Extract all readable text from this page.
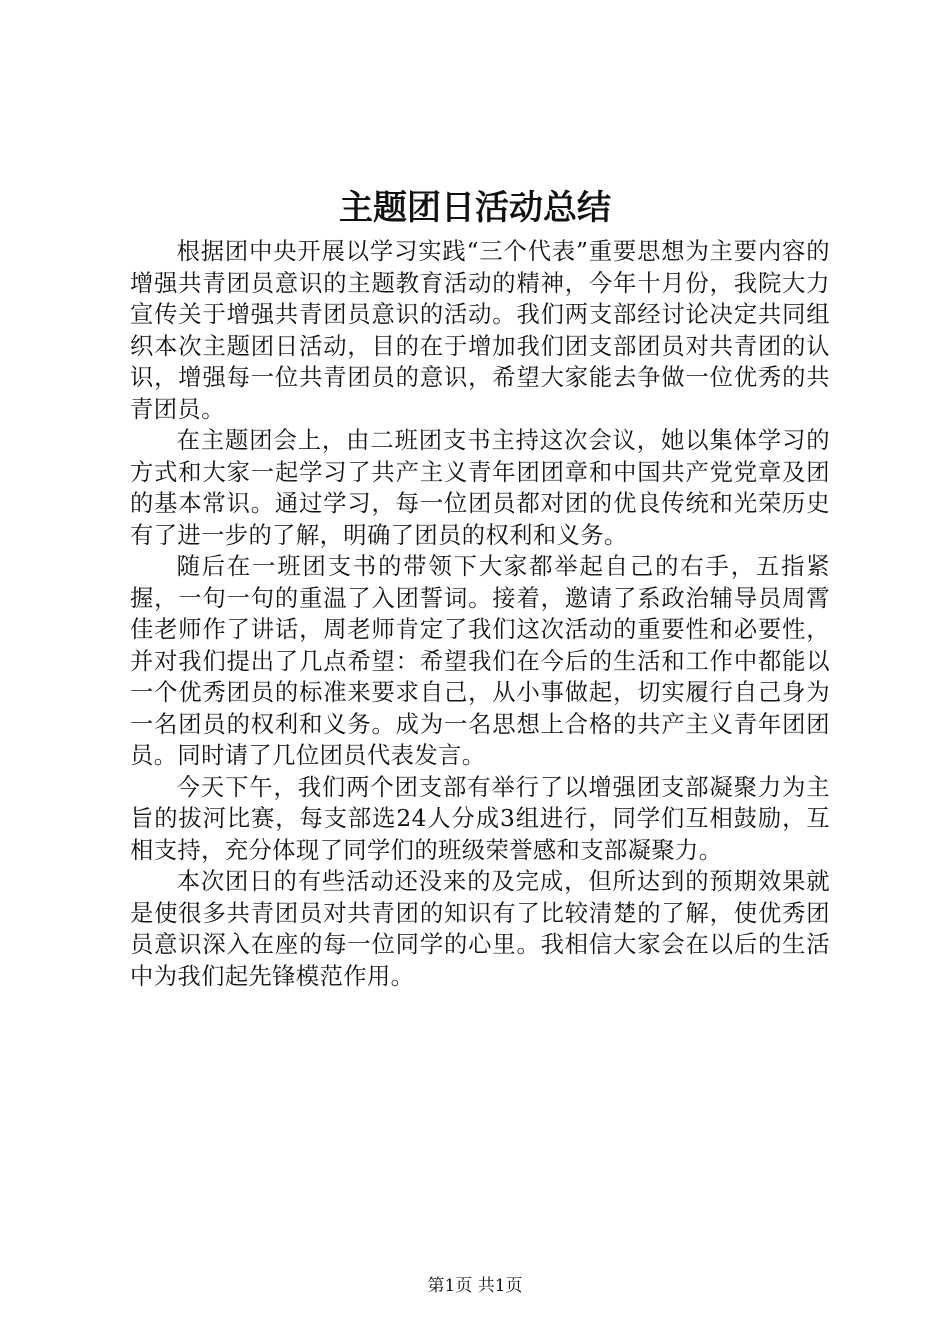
主题团日活动总结

根据团中央开展以学习实践“三个代表”重要思想为主要内容的增强共青团员意识的主题教育活动的精神，今年十月份，我院大力宣传关于增强共青团员意识的活动。我们两支部经讨论决定共同组织本次主题团日活动，目的在于增加我们团支部团员对共青团的认识，增强每一位共青团员的意识，希望大家能去争做一位优秀的共青团员。

在主题团会上，由二班团支书主持这次会议，她以集体学习的方式和大家一起学习了共产主义青年团团章和中国共产党党章及团的基本常识。通过学习，每一位团员都对团的优良传统和光荣历史有了进一步的了解，明确了团员的权利和义务。

随后在一班团支书的带领下大家都举起自己的右手，五指紧握，一句一句的重温了入团誓词。接着，邀请了系政治辅导员周霄佳老师作了讲话，周老师肯定了我们这次活动的重要性和必要性，并对我们提出了几点希望：希望我们在今后的生活和工作中都能以一个优秀团员的标准来要求自己，从小事做起，切实履行自己身为一名团员的权利和义务。成为一名思想上合格的共产主义青年团团员。同时请了几位团员代表发言。

今天下午，我们两个团支部有举行了以增强团支部凝聚力为主旨的拔河比赛，每支部选24人分成3组进行，同学们互相鼓励，互相支持，充分体现了同学们的班级荣誉感和支部凝聚力。

本次团日的有些活动还没来的及完成，但所达到的预期效果就是使很多共青团员对共青团的知识有了比较清楚的了解，使优秀团员意识深入在座的每一位同学的心里。我相信大家会在以后的生活中为我们起先锋模范作用。

第1页 共1页
